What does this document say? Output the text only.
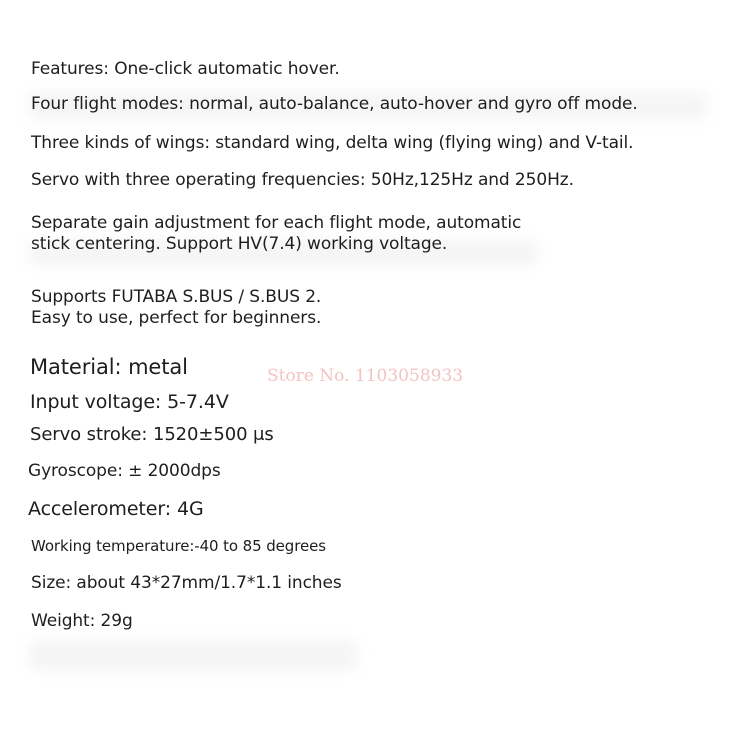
Features: One-click automatic hover.
Four flight modes: normal, auto-balance, auto-hover and gyro off mode.
Three kinds of wings: standard wing, delta wing (flying wing) and V-tail.
Servo with three operating frequencies: 50Hz,125Hz and 250Hz.
Separate gain adjustment for each flight mode, automatic
stick centering. Support HV(7.4) working voltage.
Supports FUTABA S.BUS / S.BUS 2.
Easy to use, perfect for beginners.
Material: metal	Store No. 1103058933
Input voltage: 5-7.4V
Servo stroke: 1520±500 μs
Gyroscope: ± 2000dps
Accelerometer: 4G
Working temperature:-40 to 85 degrees
Size: about 43*27mm/1.7*1.1 inches
Weight: 29g
